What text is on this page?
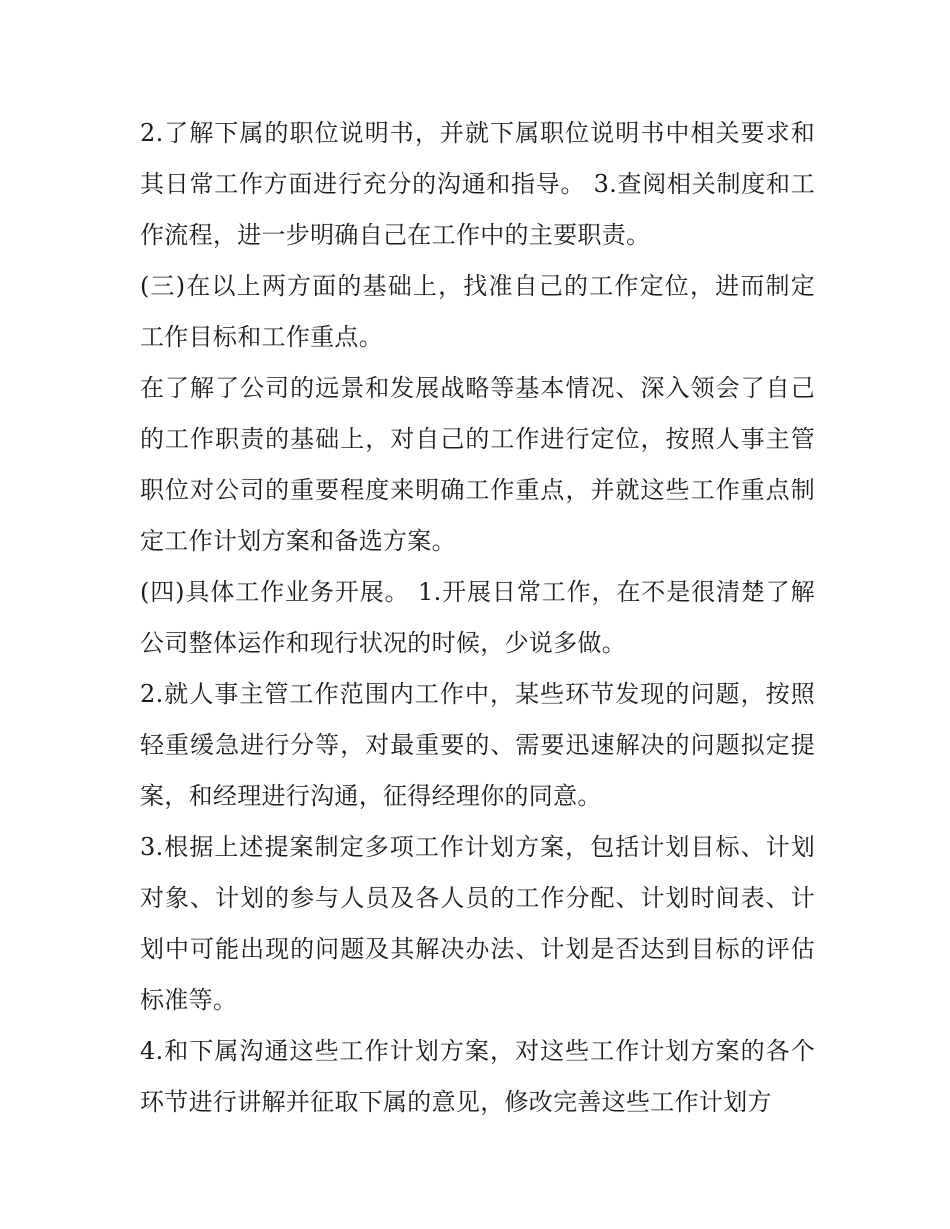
2.了解下属的职位说明书，并就下属职位说明书中相关要求和其日常工作方面进行充分的沟通和指导。 3.查阅相关制度和工作流程，进一步明确自己在工作中的主要职责。

(三)在以上两方面的基础上，找准自己的工作定位，进而制定工作目标和工作重点。

在了解了公司的远景和发展战略等基本情况、深入领会了自己的工作职责的基础上，对自己的工作进行定位，按照人事主管职位对公司的重要程度来明确工作重点，并就这些工作重点制定工作计划方案和备选方案。

(四)具体工作业务开展。 1.开展日常工作，在不是很清楚了解公司整体运作和现行状况的时候，少说多做。

2.就人事主管工作范围内工作中，某些环节发现的问题，按照轻重缓急进行分等，对最重要的、需要迅速解决的问题拟定提案，和经理进行沟通，征得经理你的同意。

3.根据上述提案制定多项工作计划方案，包括计划目标、计划对象、计划的参与人员及各人员的工作分配、计划时间表、计划中可能出现的问题及其解决办法、计划是否达到目标的评估标准等。

4.和下属沟通这些工作计划方案，对这些工作计划方案的各个环节进行讲解并征取下属的意见，修改完善这些工作计划方
